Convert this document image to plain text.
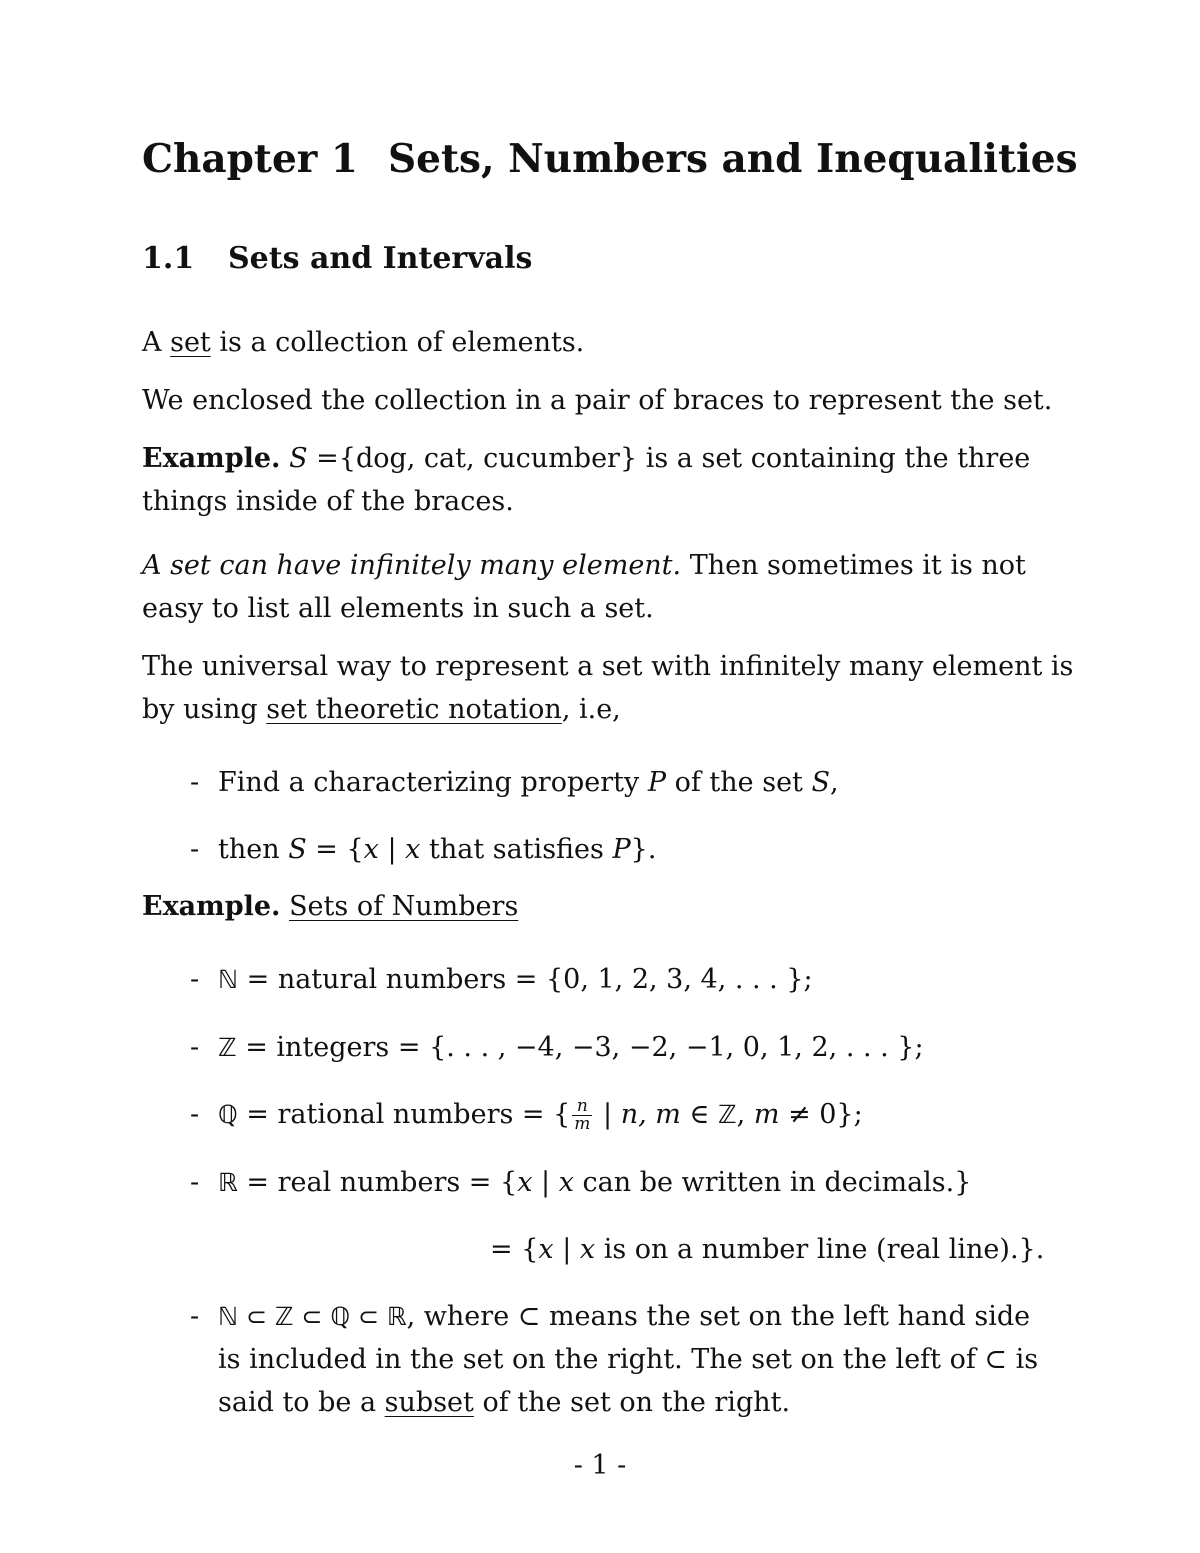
Chapter 1 Sets, Numbers and Inequalities
1.1 Sets and Intervals
A set is a collection of elements.
We enclosed the collection in a pair of braces to represent the set.
Example. S ={dog, cat, cucumber} is a set containing the three
things inside of the braces.
A set can have infinitely many element. Then sometimes it is not
easy to list all elements in such a set.
The universal way to represent a set with infinitely many element is
by using set theoretic notation, i.e,
- Find a characterizing property P of the set S,
- then S = {x | x that satisfies P}.
Example. Sets of Numbers
- ℕ = natural numbers = {0, 1, 2, 3, 4, . . . };
- ℤ = integers = {. . . , −4, −3, −2, −1, 0, 1, 2, . . . };
- ℚ = rational numbers = { $\frac{n}{m}$ | n, m ∈ ℤ, m ≠ 0};
- ℝ = real numbers = {x | x can be written in decimals.}
= {x | x is on a number line (real line).}.
- ℕ ⊂ ℤ ⊂ ℚ ⊂ ℝ, where ⊂ means the set on the left hand side
is included in the set on the right. The set on the left of ⊂ is
said to be a subset of the set on the right.
- 1 -
